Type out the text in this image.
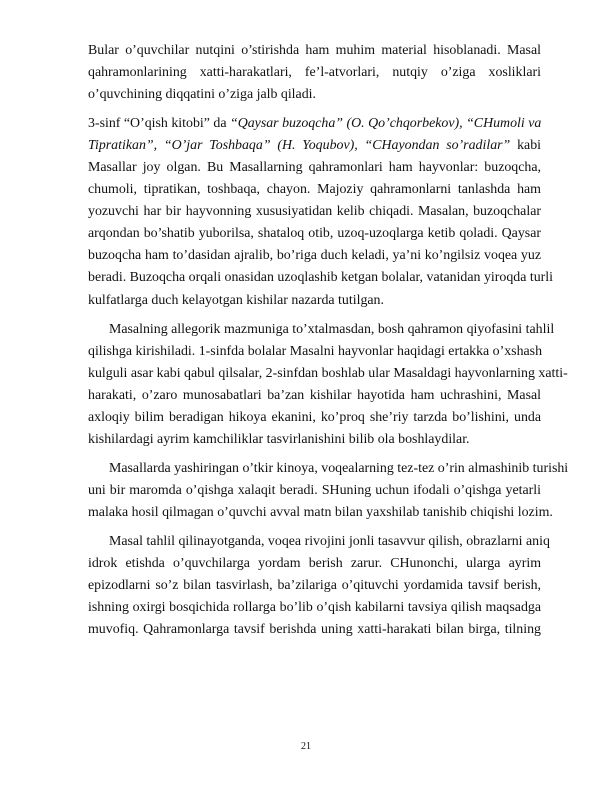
Bular o’quvchilar nutqini o’stirishda ham muhim material hisoblanadi. Masal
qahramonlarining xatti-harakatlari, fe’l-atvorlari, nutqiy o’ziga xosliklari
o’quvchining diqqatini o’ziga jalb qiladi.
3-sinf “O’qish kitobi” da “Qaysar buzoqcha” (O. Qo’chqorbekov), “CHumoli va
Tipratikan”, “O’jar Toshbaqa” (H. Yoqubov), “CHayondan so’radilar” kabi
Masallar joy olgan. Bu Masallarning qahramonlari ham hayvonlar: buzoqcha,
chumoli, tipratikan, toshbaqa, chayon. Majoziy qahramonlarni tanlashda ham
yozuvchi har bir hayvonning xususiyatidan kelib chiqadi. Masalan, buzoqchalar
arqondan bo’shatib yuborilsa, shataloq otib, uzoq-uzoqlarga ketib qoladi. Qaysar
buzoqcha ham to’dasidan ajralib, bo’riga duch keladi, ya’ni ko’ngilsiz voqea yuz
beradi. Buzoqcha orqali onasidan uzoqlashib ketgan bolalar, vatanidan yiroqda turli
kulfatlarga duch kelayotgan kishilar nazarda tutilgan.
Masalning allegorik mazmuniga to’xtalmasdan, bosh qahramon qiyofasini tahlil
qilishga kirishiladi. 1-sinfda bolalar Masalni hayvonlar haqidagi ertakka o’xshash
kulguli asar kabi qabul qilsalar, 2-sinfdan boshlab ular Masaldagi hayvonlarning xatti-
harakati, o’zaro munosabatlari ba’zan kishilar hayotida ham uchrashini, Masal
axloqiy bilim beradigan hikoya ekanini, ko’proq she’riy tarzda bo’lishini, unda
kishilardagi ayrim kamchiliklar tasvirlanishini bilib ola boshlaydilar.
Masallarda yashiringan o’tkir kinoya, voqealarning tez-tez o’rin almashinib turishi
uni bir maromda o’qishga xalaqit beradi. SHuning uchun ifodali o’qishga yetarli
malaka hosil qilmagan o’quvchi avval matn bilan yaxshilab tanishib chiqishi lozim.
Masal tahlil qilinayotganda, voqea rivojini jonli tasavvur qilish, obrazlarni aniq
idrok etishda o’quvchilarga yordam berish zarur. CHunonchi, ularga ayrim
epizodlarni so’z bilan tasvirlash, ba’zilariga o’qituvchi yordamida tavsif berish,
ishning oxirgi bosqichida rollarga bo’lib o’qish kabilarni tavsiya qilish maqsadga
muvofiq. Qahramonlarga tavsif berishda uning xatti-harakati bilan birga, tilning
21
